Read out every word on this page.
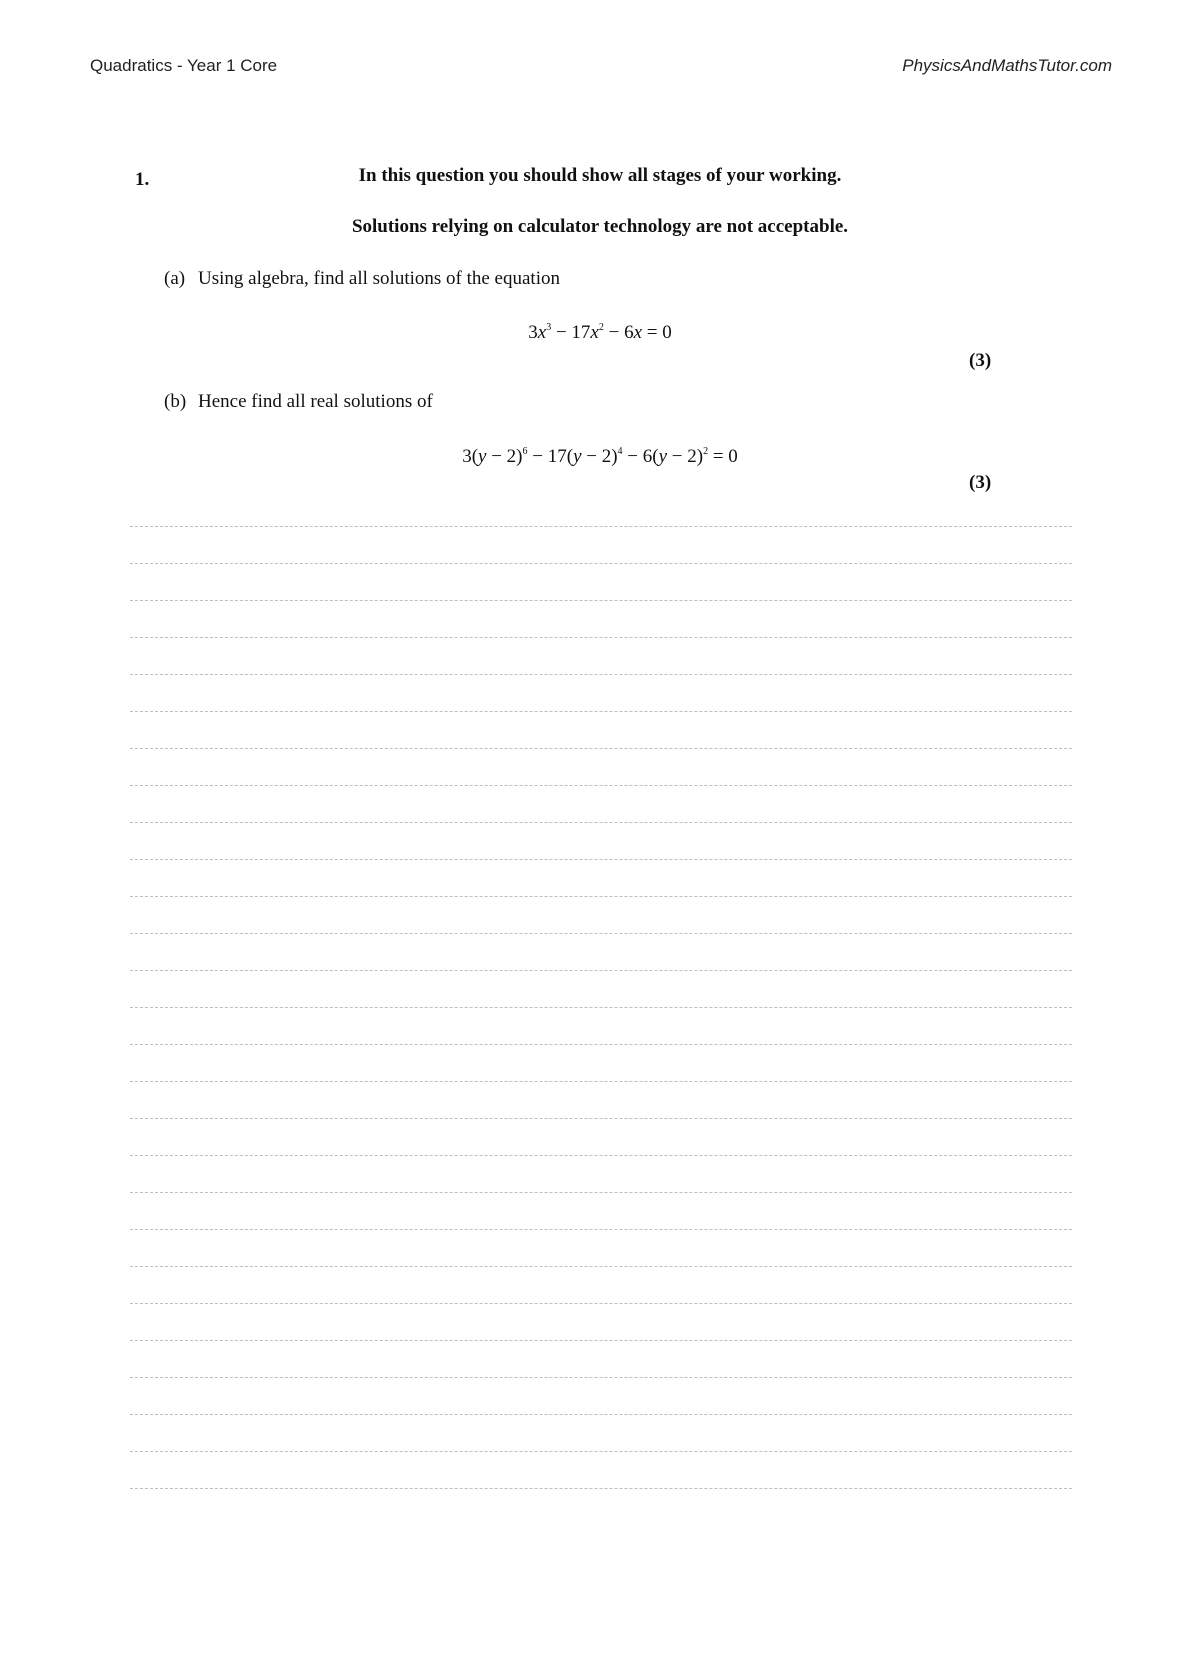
Quadratics - Year 1 Core	PhysicsAndMathsTutor.com
1.	In this question you should show all stages of your working.
Solutions relying on calculator technology are not acceptable.
(a) Using algebra, find all solutions of the equation
$3x^3 - 17x^2 - 6x = 0$
(3)
(b) Hence find all real solutions of
$3(y - 2)^6 - 17(y - 2)^4 - 6(y - 2)^2 = 0$
(3)
